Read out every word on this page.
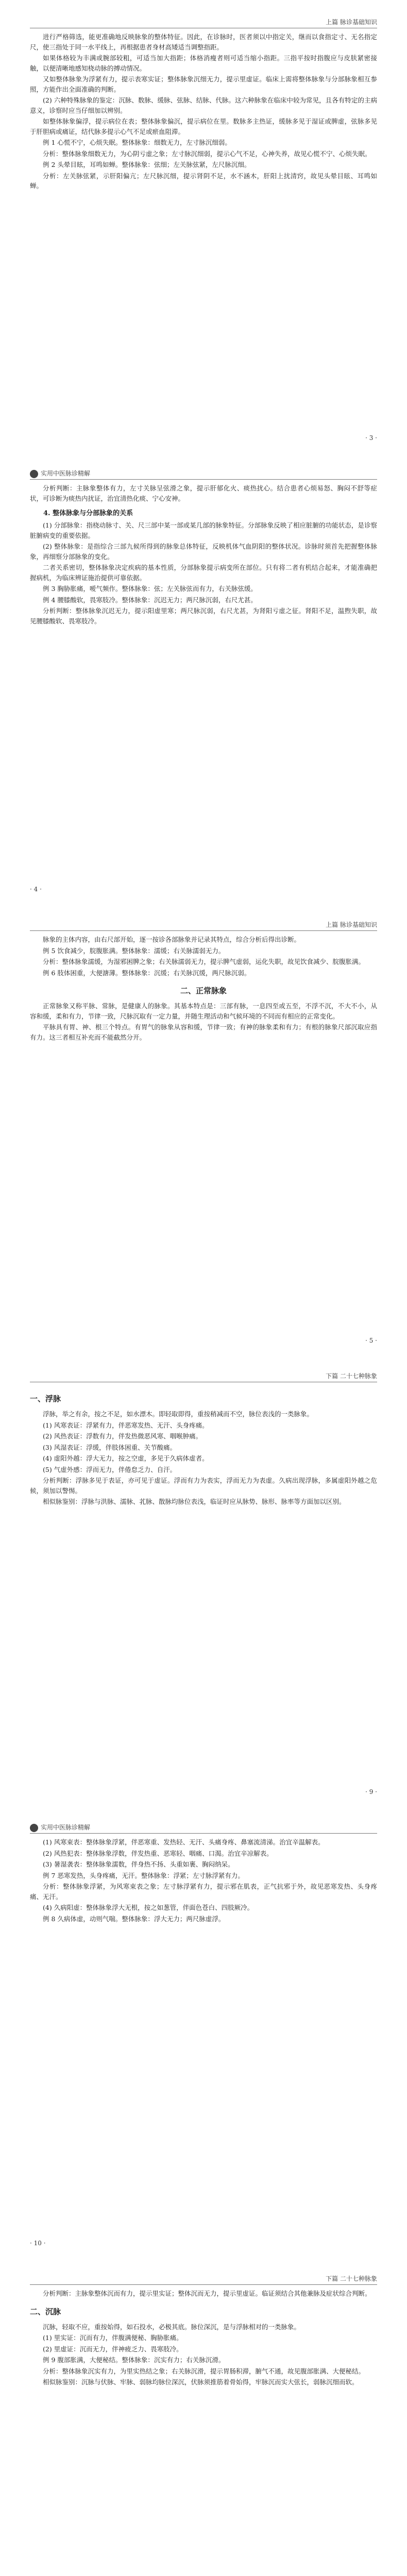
上篇 脉诊基础知识

进行严格筛选，能更准确地反映脉象的整体特征。因此，在诊脉时，医者须以中指定关，继而以食指定寸、无名指定尺，使三指处于同一水平线上，再根据患者身材高矮适当调整指距。

如果体格较为丰满或腕部较粗，可适当加大指距；体格消瘦者则可适当缩小指距。三指平按时指腹应与皮肤紧密接触，以便清晰地感知桡动脉的搏动情况。

又如整体脉象为浮紧有力，提示表寒实证；整体脉象沉细无力，提示里虚证。临床上需将整体脉象与分部脉象相互参照，方能作出全面准确的判断。

(2) 六种特殊脉象的鉴定：沉脉、数脉、缓脉、弦脉、结脉、代脉。这六种脉象在临床中较为常见，且各有特定的主病意义，诊察时应当仔细加以辨别。

如整体脉象偏浮，提示病位在表；整体脉象偏沉，提示病位在里。数脉多主热证，缓脉多见于湿证或脾虚，弦脉多见于肝胆病或痛证，结代脉多提示心气不足或瘀血阻滞。

例 1 心慌不宁，心烦失眠。整体脉象：细数无力，左寸脉沉细弱。

分析：整体脉象细数无力，为心阴亏虚之象；左寸脉沉细弱，提示心气不足，心神失养，故见心慌不宁、心烦失眠。

例 2 头晕目眩，耳鸣如蝉。整体脉象：弦细；左关脉弦紧，左尺脉沉细。

分析：左关脉弦紧，示肝阳偏亢；左尺脉沉细，提示肾阴不足，水不涵木，肝阳上扰清窍，故见头晕目眩、耳鸣如蝉。

· 3 ·
实用中医脉诊精解

分析判断：主脉象整体有力，左寸关脉呈弦滑之象，提示肝郁化火、痰热扰心。结合患者心烦易怒、胸闷不舒等症状，可诊断为痰热内扰证，治宜清热化痰、宁心安神。

4. 整体脉象与分部脉象的关系

(1) 分部脉象：指桡动脉寸、关、尺三部中某一部或某几部的脉象特征。分部脉象反映了相应脏腑的功能状态，是诊察脏腑病变的重要依据。

(2) 整体脉象：是指综合三部九候所得到的脉象总体特征，反映机体气血阴阳的整体状况。诊脉时须首先把握整体脉象，再细察分部脉象的变化。

二者关系密切，整体脉象决定疾病的基本性质，分部脉象提示病变所在部位。只有将二者有机结合起来，才能准确把握病机，为临床辨证施治提供可靠依据。

例 3 胸胁胀痛，嗳气频作。整体脉象：弦；左关脉弦而有力，右关脉弦缓。

例 4 腰膝酸软，畏寒肢冷。整体脉象：沉迟无力；两尺脉沉弱，右尺尤甚。

分析判断：整体脉象沉迟无力，提示阳虚里寒；两尺脉沉弱，右尺尤甚，为肾阳亏虚之征。肾阳不足，温煦失职，故见腰膝酸软、畏寒肢冷。

· 4 ·
上篇 脉诊基础知识

脉象的主体内容，由右尺部开始，逐一按诊各部脉象并记录其特点，综合分析后得出诊断。

例 5 饮食减少，脘腹胀满。整体脉象：濡缓；右关脉濡弱无力。

分析：整体脉象濡缓，为湿邪困脾之象；右关脉濡弱无力，提示脾气虚弱，运化失职，故见饮食减少、脘腹胀满。

例 6 肢体困重，大便溏薄。整体脉象：沉缓；右关脉沉缓，两尺脉沉弱。

二、正常脉象

正常脉象又称平脉、常脉，是健康人的脉象。其基本特点是：三部有脉，一息四至或五至，不浮不沉，不大不小，从容和缓，柔和有力，节律一致，尺脉沉取有一定力量，并随生理活动和气候环境的不同而有相应的正常变化。

平脉具有胃、神、根三个特点。有胃气的脉象从容和缓，节律一致；有神的脉象柔和有力；有根的脉象尺部沉取应指有力。这三者相互补充而不能截然分开。

· 5 ·
下篇 二十七种脉象
一、浮脉

浮脉，举之有余，按之不足，如水漂木。即轻取即得，重按稍减而不空，脉位表浅的一类脉象。

(1) 风寒表证：浮紧有力，伴恶寒发热、无汗、头身疼痛。

(2) 风热表证：浮数有力，伴发热微恶风寒、咽喉肿痛。

(3) 风湿表证：浮缓，伴肢体困重、关节酸痛。

(4) 虚阳外越：浮大无力，按之空虚，多见于久病体虚者。

(5) 气虚外感：浮而无力，伴倦怠乏力、自汗。

分析判断：浮脉多见于表证，亦可见于虚证。浮而有力为表实，浮而无力为表虚。久病出现浮脉，多属虚阳外越之危候，须加以警惕。

相似脉鉴别：浮脉与洪脉、濡脉、芤脉、散脉均脉位表浅，临证时应从脉势、脉形、脉率等方面加以区别。

· 9 ·
实用中医脉诊精解

(1) 风寒束表：整体脉象浮紧，伴恶寒重、发热轻、无汗、头痛身疼、鼻塞流清涕。治宜辛温解表。

(2) 风热犯表：整体脉象浮数，伴发热重、恶寒轻、咽痛、口渴。治宜辛凉解表。

(3) 暑湿袭表：整体脉象濡数，伴身热不扬、头重如裹、胸闷纳呆。

例 7 恶寒发热，头身疼痛，无汗。整体脉象：浮紧；左寸脉浮紧有力。

分析：整体脉象浮紧，为风寒束表之象；左寸脉浮紧有力，提示邪在肌表，正气抗邪于外，故见恶寒发热、头身疼痛、无汗。

(4) 久病阳虚：整体脉象浮大无根，按之如葱管，伴面色苍白、四肢厥冷。

例 8 久病体虚，动则气喘。整体脉象：浮大无力；两尺脉虚浮。

· 10 ·
下篇 二十七种脉象

分析判断：主脉象整体沉而有力，提示里实证；整体沉而无力，提示里虚证。临证须结合其他兼脉及症状综合判断。

二、沉脉

沉脉，轻取不应，重按始得，如石投水，必极其底。脉位深沉，是与浮脉相对的一类脉象。

(1) 里实证：沉而有力，伴腹满便秘、胸胁胀痛。

(2) 里虚证：沉而无力，伴神疲乏力、畏寒肢冷。

例 9 腹部胀满，大便秘结。整体脉象：沉实有力；右关脉沉滑。

分析：整体脉象沉实有力，为里实热结之象；右关脉沉滑，提示胃肠积滞，腑气不通，故见腹部胀满、大便秘结。

相似脉鉴别：沉脉与伏脉、牢脉、弱脉均脉位深沉，伏脉须推筋着骨始得，牢脉沉而实大弦长，弱脉沉细而软。
